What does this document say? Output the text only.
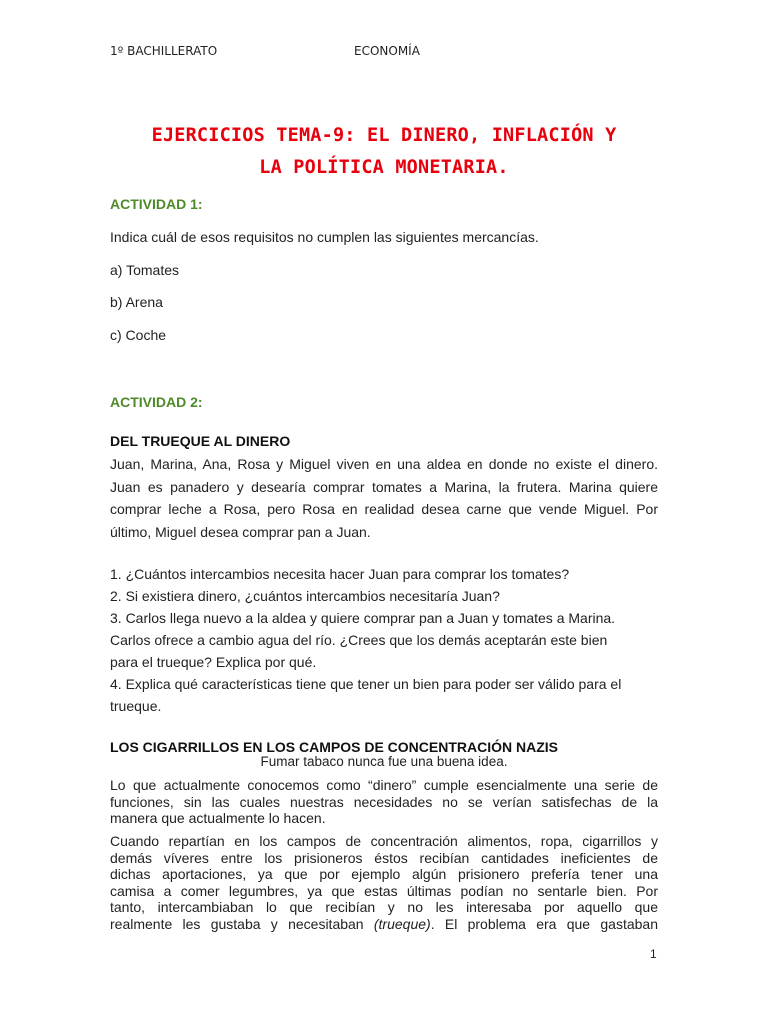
1º BACHILLERATO	ECONOMÍA
EJERCICIOS TEMA-9: EL DINERO, INFLACIÓN Y
LA POLÍTICA MONETARIA.
ACTIVIDAD 1:
Indica cuál de esos requisitos no cumplen las siguientes mercancías.
a) Tomates
b) Arena
c) Coche
ACTIVIDAD 2:
DEL TRUEQUE AL DINERO
Juan, Marina, Ana, Rosa y Miguel viven en una aldea en donde no existe el dinero. Juan es panadero y desearía comprar tomates a Marina, la frutera. Marina quiere comprar leche a Rosa, pero Rosa en realidad desea carne que vende Miguel. Por último, Miguel desea comprar pan a Juan.
1. ¿Cuántos intercambios necesita hacer Juan para comprar los tomates?
2. Si existiera dinero, ¿cuántos intercambios necesitaría Juan?
3. Carlos llega nuevo a la aldea y quiere comprar pan a Juan y tomates a Marina.
Carlos ofrece a cambio agua del río. ¿Crees que los demás aceptarán este bien
para el trueque? Explica por qué.
4. Explica qué características tiene que tener un bien para poder ser válido para el
trueque.
LOS CIGARRILLOS EN LOS CAMPOS DE CONCENTRACIÓN NAZIS
Fumar tabaco nunca fue una buena idea.
Lo que actualmente conocemos como “dinero” cumple esencialmente una serie de
funciones, sin las cuales nuestras necesidades no se verían satisfechas de la
manera que actualmente lo hacen.
Cuando repartían en los campos de concentración alimentos, ropa, cigarrillos y
demás víveres entre los prisioneros éstos recibían cantidades ineficientes de
dichas aportaciones, ya que por ejemplo algún prisionero prefería tener una
camisa a comer legumbres, ya que estas últimas podían no sentarle bien. Por
tanto, intercambiaban lo que recibían y no les interesaba por aquello que
realmente les gustaba y necesitaban (trueque). El problema era que gastaban
1
